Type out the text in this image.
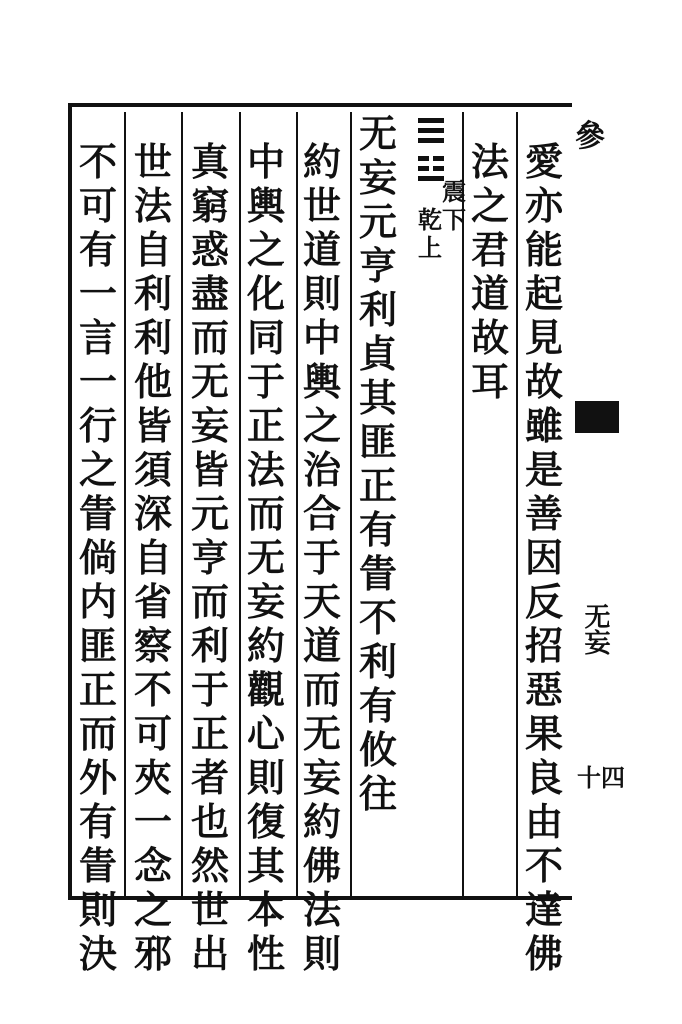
參
无妄
十四
愛
亦
能
起
見
故
雖
是
善
因
反
招
惡
果
良
由
不
達
佛
法
之
君
道
故
耳
震
下
乾
上
无
妄
元
亨
利
貞
其
匪
正
有
眚
不
利
有
攸
往
約
世
道
則
中
輿
之
治
合
于
天
道
而
无
妄
約
佛
法
則
中
輿
之
化
同
于
正
法
而
无
妄
約
觀
心
則
復
其
本
性
真
窮
惑
盡
而
无
妄
皆
元
亨
而
利
于
正
者
也
然
世
出
世
法
自
利
利
他
皆
須
深
自
省
察
不
可
夾
一
念
之
邪
不
可
有
一
言
一
行
之
眚
倘
内
匪
正
而
外
有
眚
則
決
